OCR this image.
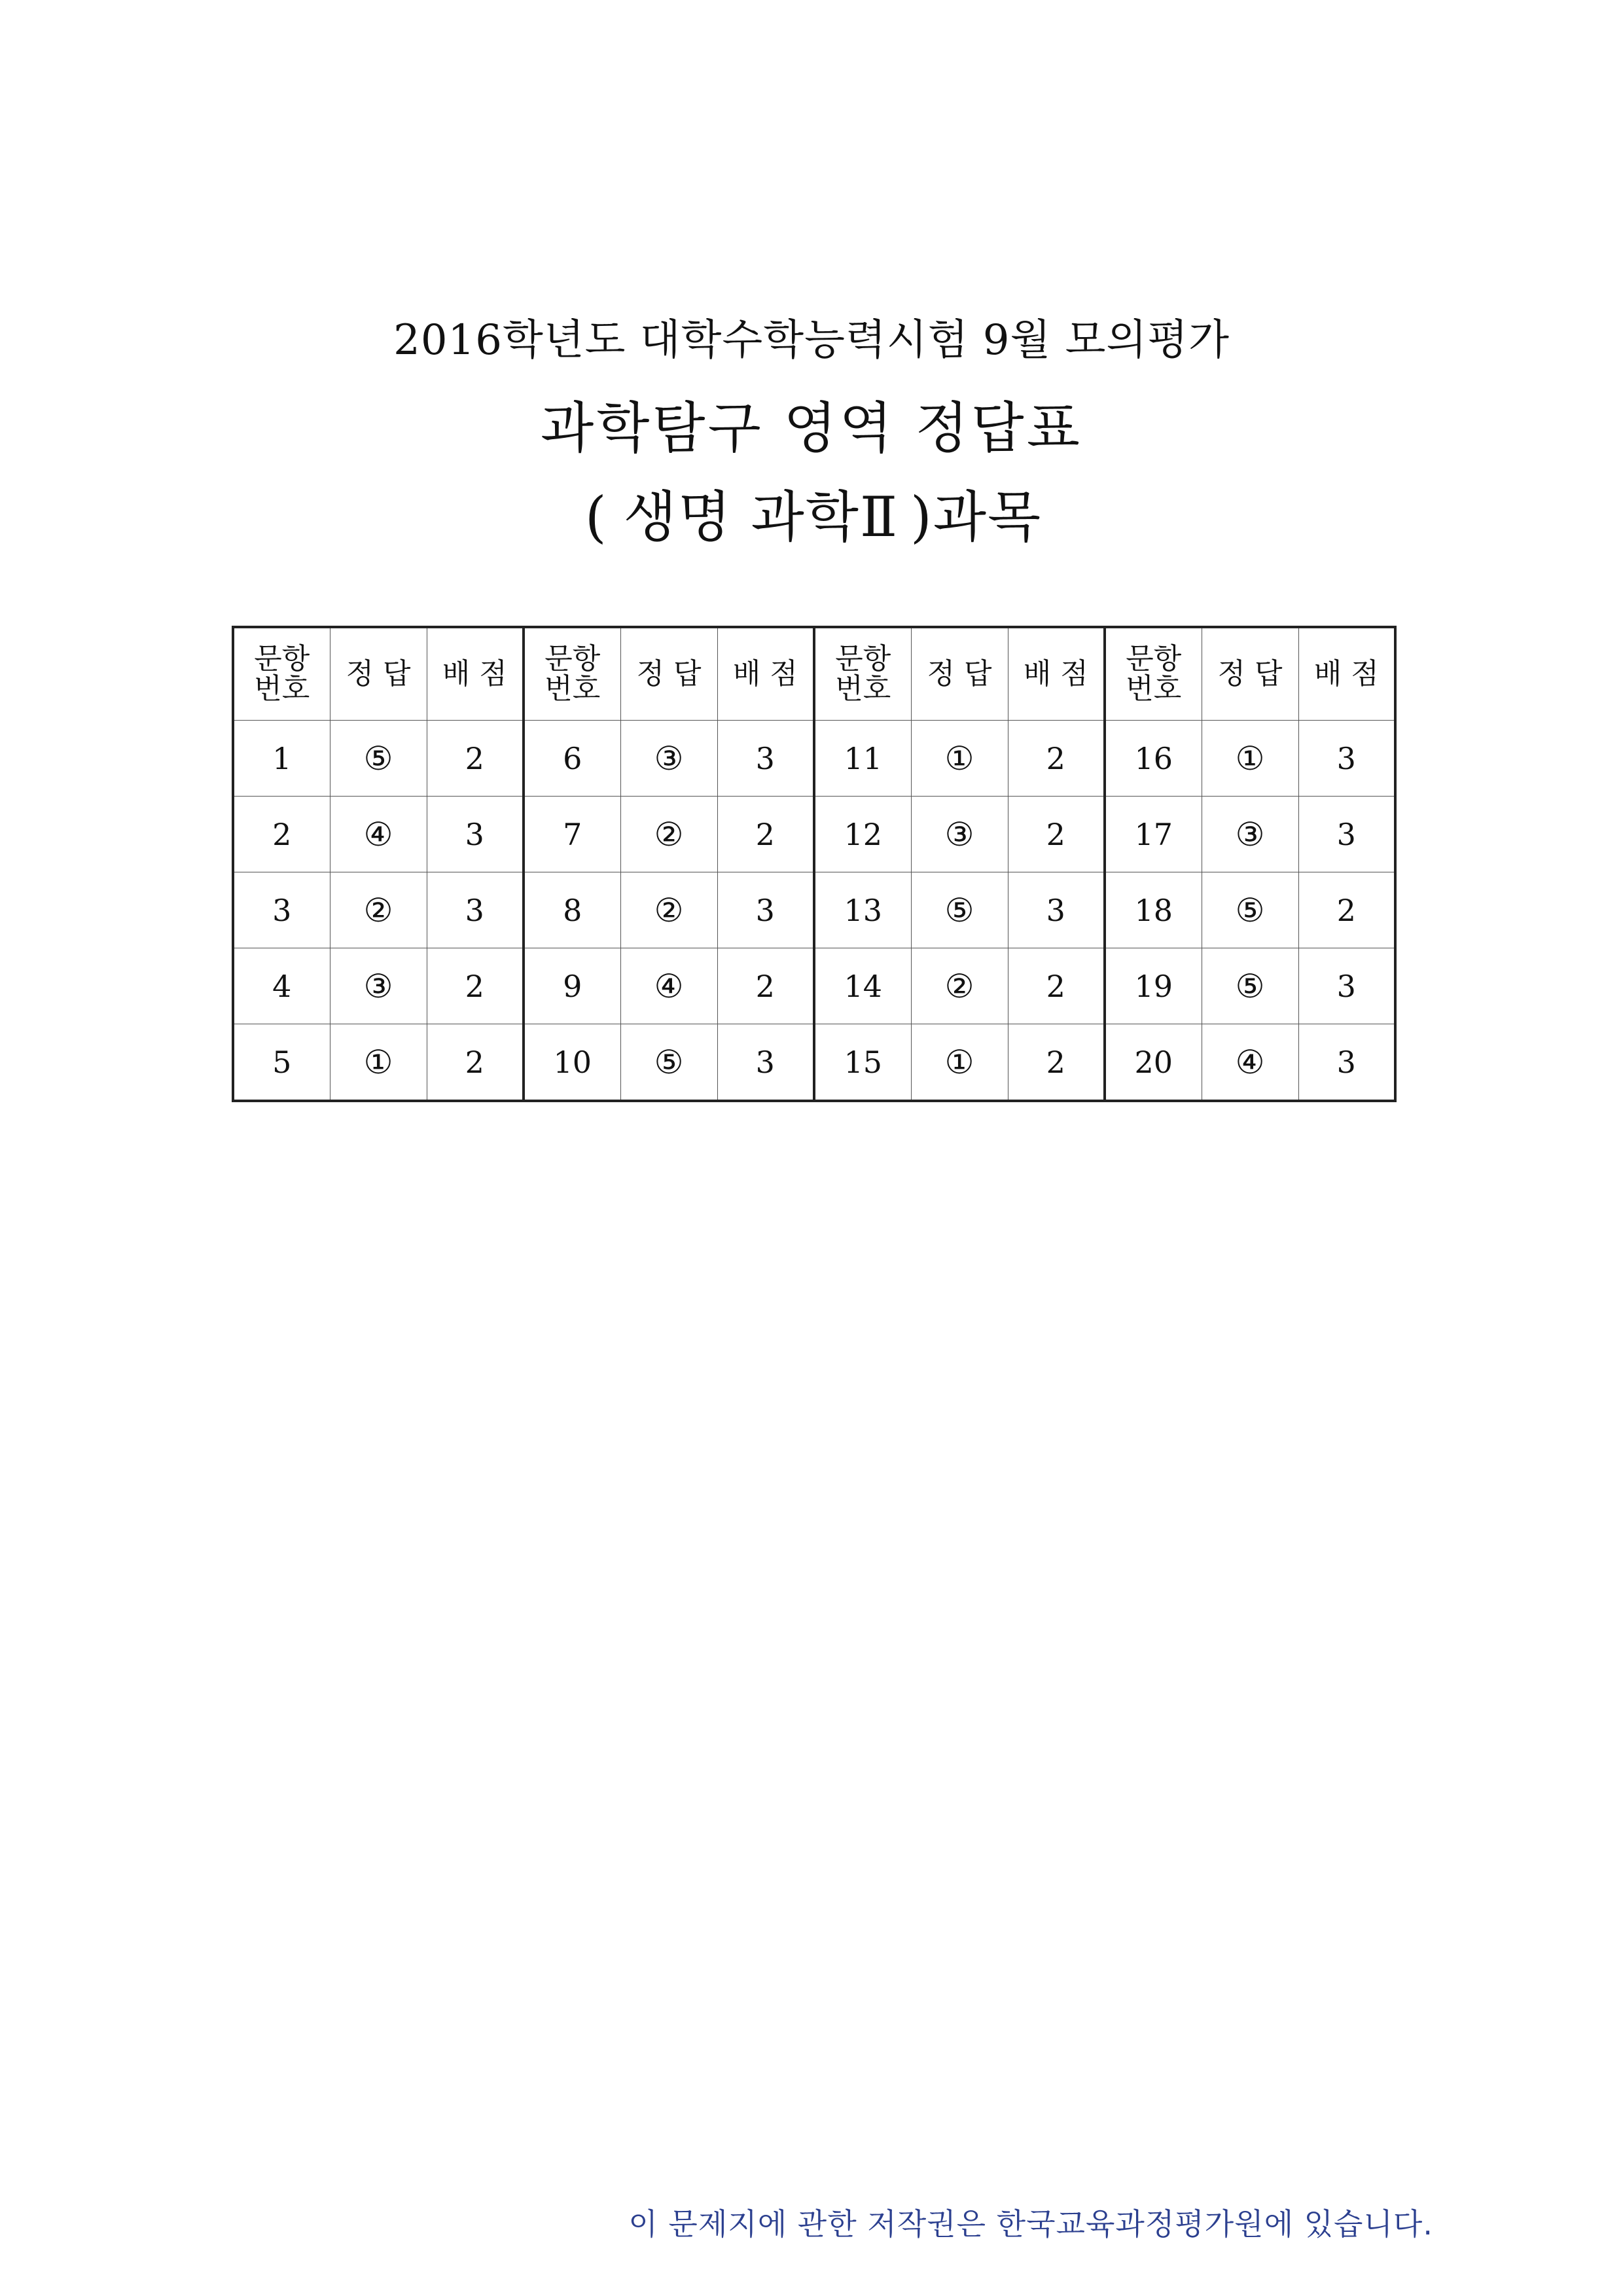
2016학년도 대학수학능력시험 9월 모의평가
과학탐구 영역 정답표
( 생명 과학Ⅱ )과목
문항 번호	정 답	배 점	문항 번호	정 답	배 점	문항 번호	정 답	배 점	문항 번호	정 답	배 점
1	⑤	2	6	③	3	11	①	2	16	①	3
2	④	3	7	②	2	12	③	2	17	③	3
3	②	3	8	②	3	13	⑤	3	18	⑤	2
4	③	2	9	④	2	14	②	2	19	⑤	3
5	①	2	10	⑤	3	15	①	2	20	④	3
이 문제지에 관한 저작권은 한국교육과정평가원에 있습니다.
